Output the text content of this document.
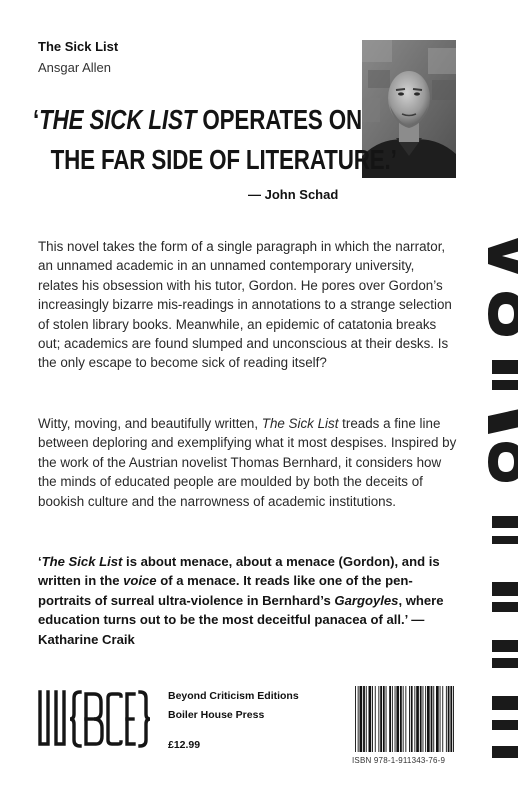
The Sick List
Ansgar Allen
‘THE SICK LIST OPERATES ON
THE FAR SIDE OF LITERATURE.’
— John Schad

This novel takes the form of a single paragraph in which the narrator, an unnamed academic in an unnamed contemporary university, relates his obsession with his tutor, Gordon. He pores over Gordon’s increasingly bizarre mis-readings in annotations to a strange selection of stolen library books. Meanwhile, an epidemic of catatonia breaks out; academics are found slumped and unconscious at their desks. Is the only escape to become sick of reading itself?

Witty, moving, and beautifully written, The Sick List treads a fine line between deploring and exemplifying what it most despises. Inspired by the work of the Austrian novelist Thomas Bernhard, it considers how the minds of educated people are moulded by both the deceits of bookish culture and the narrowness of academic institutions.

‘The Sick List is about menace, about a menace (Gordon), and is written in the voice of a menace. It reads like one of the pen-portraits of surreal ultra-violence in Bernhard’s Gargoyles, where education turns out to be the most deceitful panacea of all.’ — Katharine Craik

Beyond Criticism Editions
Boiler House Press
£12.99
ISBN 978-1-911343-76-9
